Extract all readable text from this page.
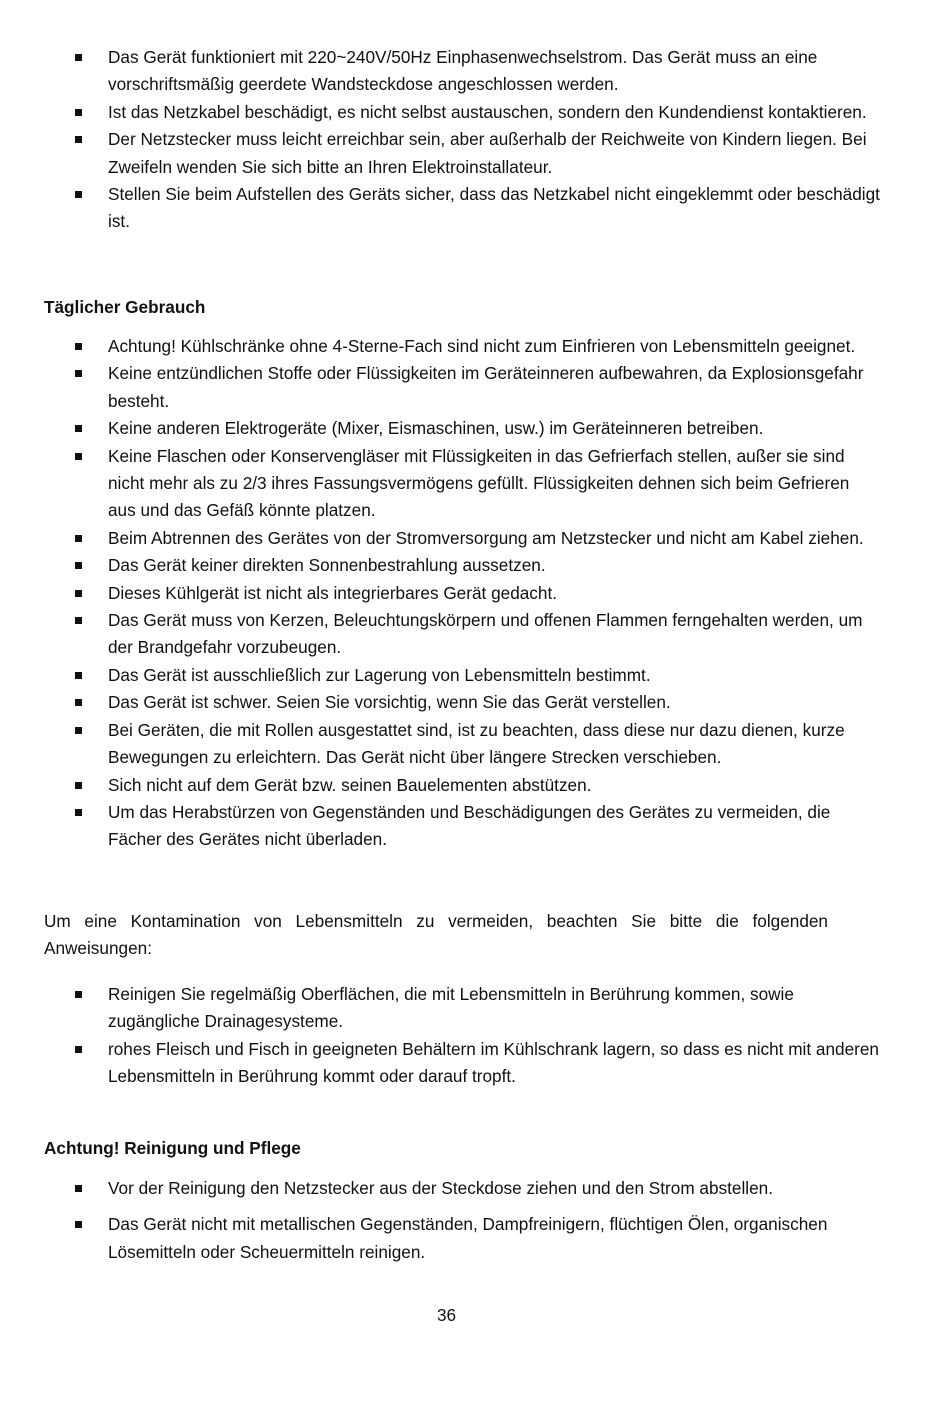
Das Gerät funktioniert mit 220~240V/50Hz Einphasenwechselstrom. Das Gerät muss an eine vorschriftsmäßig geerdete Wandsteckdose angeschlossen werden.
Ist das Netzkabel beschädigt, es nicht selbst austauschen, sondern den Kundendienst kontaktieren.
Der Netzstecker muss leicht erreichbar sein, aber außerhalb der Reichweite von Kindern liegen. Bei Zweifeln wenden Sie sich bitte an Ihren Elektroinstallateur.
Stellen Sie beim Aufstellen des Geräts sicher, dass das Netzkabel nicht eingeklemmt oder beschädigt ist.
Täglicher Gebrauch
Achtung! Kühlschränke ohne 4-Sterne-Fach sind nicht zum Einfrieren von Lebensmitteln geeignet.
Keine entzündlichen Stoffe oder Flüssigkeiten im Geräteinneren aufbewahren, da Explosionsgefahr besteht.
Keine anderen Elektrogeräte (Mixer, Eismaschinen, usw.) im Geräteinneren betreiben.
Keine Flaschen oder Konservengläser mit Flüssigkeiten in das Gefrierfach stellen, außer sie sind nicht mehr als zu 2/3 ihres Fassungsvermögens gefüllt. Flüssigkeiten dehnen sich beim Gefrieren aus und das Gefäß könnte platzen.
Beim Abtrennen des Gerätes von der Stromversorgung am Netzstecker und nicht am Kabel ziehen.
Das Gerät keiner direkten Sonnenbestrahlung aussetzen.
Dieses Kühlgerät ist nicht als integrierbares Gerät gedacht.
Das Gerät muss von Kerzen, Beleuchtungskörpern und offenen Flammen ferngehalten werden, um der Brandgefahr vorzubeugen.
Das Gerät ist ausschließlich zur Lagerung von Lebensmitteln bestimmt.
Das Gerät ist schwer. Seien Sie vorsichtig, wenn Sie das Gerät verstellen.
Bei Geräten, die mit Rollen ausgestattet sind, ist zu beachten, dass diese nur dazu dienen, kurze Bewegungen zu erleichtern. Das Gerät nicht über längere Strecken verschieben.
Sich nicht auf dem Gerät bzw. seinen Bauelementen abstützen.
Um das Herabstürzen von Gegenständen und Beschädigungen des Gerätes zu vermeiden, die Fächer des Gerätes nicht überladen.

Um eine Kontamination von Lebensmitteln zu vermeiden, beachten Sie bitte die folgenden Anweisungen:

Reinigen Sie regelmäßig Oberflächen, die mit Lebensmitteln in Berührung kommen, sowie zugängliche Drainagesysteme.
rohes Fleisch und Fisch in geeigneten Behältern im Kühlschrank lagern, so dass es nicht mit anderen Lebensmitteln in Berührung kommt oder darauf tropft.
Achtung! Reinigung und Pflege
Vor der Reinigung den Netzstecker aus der Steckdose ziehen und den Strom abstellen.
Das Gerät nicht mit metallischen Gegenständen, Dampfreinigern, flüchtigen Ölen, organischen Lösemitteln oder Scheuermitteln reinigen.
36
